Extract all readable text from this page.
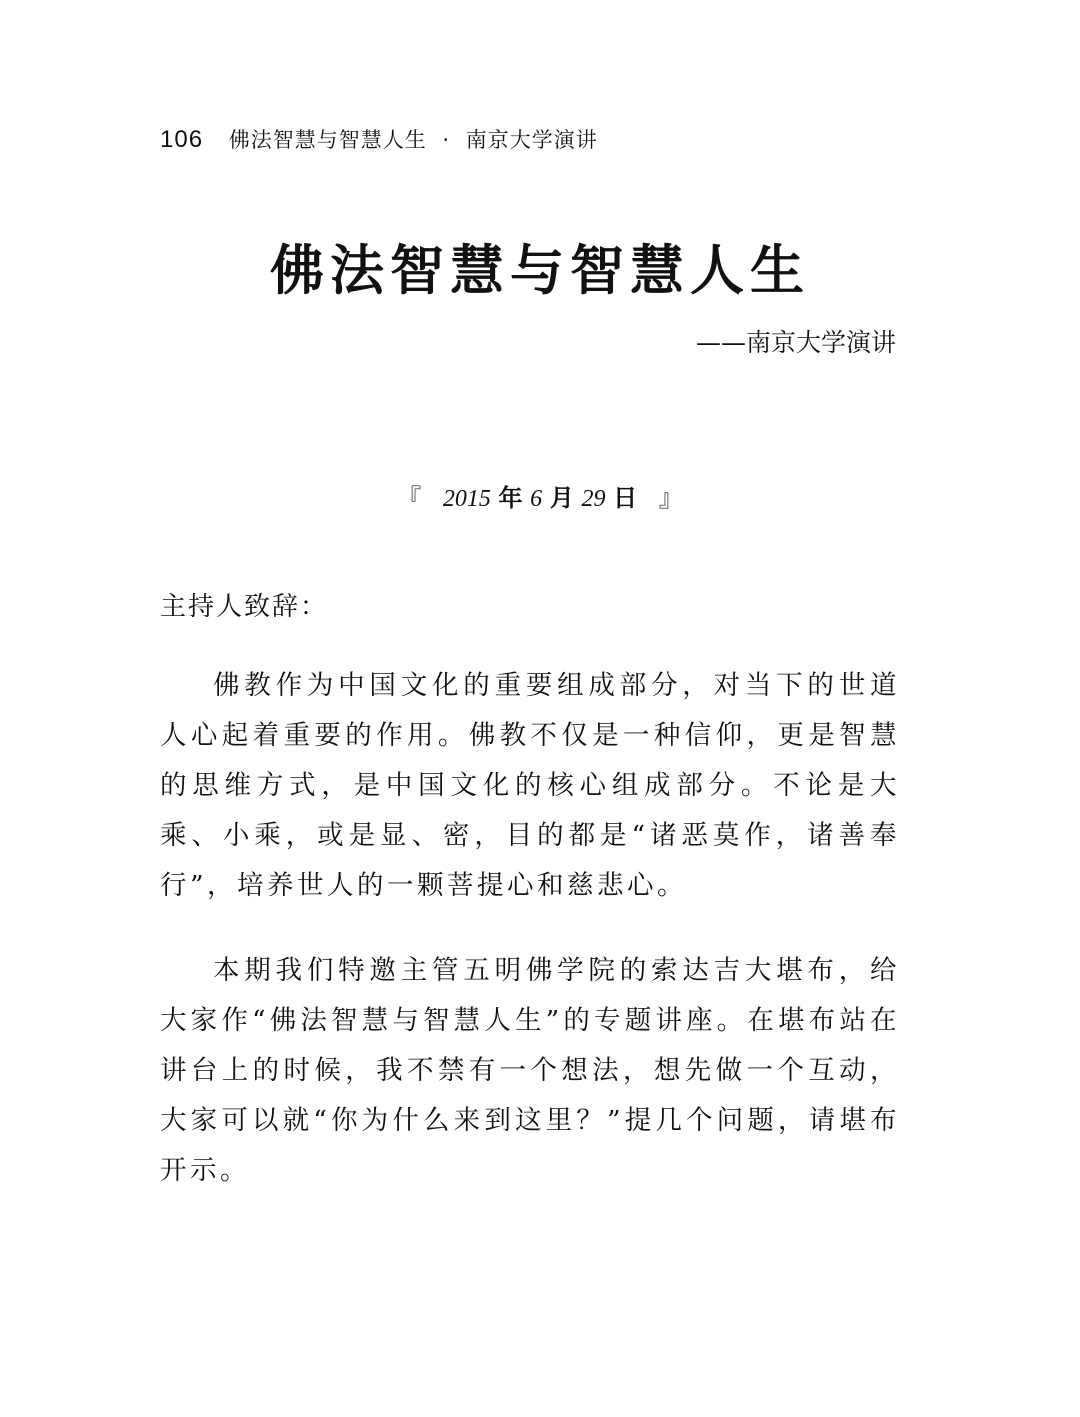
106 佛法智慧与智慧人生 · 南京大学演讲
佛法智慧与智慧人生
——南京大学演讲
『 2015 年 6 月 29 日 』
主持人致辞：

佛教作为中国文化的重要组成部分，对当下的世道人心起着重要的作用。佛教不仅是一种信仰，更是智慧的思维方式，是中国文化的核心组成部分。不论是大乘、小乘，或是显、密，目的都是“诸恶莫作，诸善奉行”，培养世人的一颗菩提心和慈悲心。

本期我们特邀主管五明佛学院的索达吉大堪布，给大家作“佛法智慧与智慧人生”的专题讲座。在堪布站在讲台上的时候，我不禁有一个想法，想先做一个互动，大家可以就“你为什么来到这里？”提几个问题，请堪布开示。
